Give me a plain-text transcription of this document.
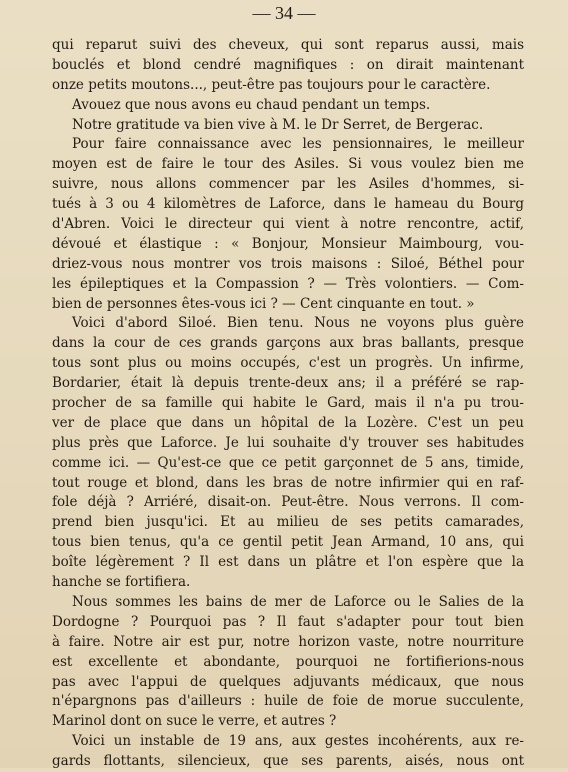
— 34 —
qui reparut suivi des cheveux, qui sont reparus aussi, mais
bouclés et blond cendré magnifiques : on dirait maintenant
onze petits moutons..., peut-être pas toujours pour le caractère.
Avouez que nous avons eu chaud pendant un temps.
Notre gratitude va bien vive à M. le Dr Serret, de Bergerac.
Pour faire connaissance avec les pensionnaires, le meilleur
moyen est de faire le tour des Asiles. Si vous voulez bien me
suivre, nous allons commencer par les Asiles d'hommes, si-
tués à 3 ou 4 kilomètres de Laforce, dans le hameau du Bourg
d'Abren. Voici le directeur qui vient à notre rencontre, actif,
dévoué et élastique : « Bonjour, Monsieur Maimbourg, vou-
driez-vous nous montrer vos trois maisons : Siloé, Béthel pour
les épileptiques et la Compassion ? — Très volontiers. — Com-
bien de personnes êtes-vous ici ? — Cent cinquante en tout. »
Voici d'abord Siloé. Bien tenu. Nous ne voyons plus guère
dans la cour de ces grands garçons aux bras ballants, presque
tous sont plus ou moins occupés, c'est un progrès. Un infirme,
Bordarier, était là depuis trente-deux ans; il a préféré se rap-
procher de sa famille qui habite le Gard, mais il n'a pu trou-
ver de place que dans un hôpital de la Lozère. C'est un peu
plus près que Laforce. Je lui souhaite d'y trouver ses habitudes
comme ici. — Qu'est-ce que ce petit garçonnet de 5 ans, timide,
tout rouge et blond, dans les bras de notre infirmier qui en raf-
fole déjà ? Arriéré, disait-on. Peut-être. Nous verrons. Il com-
prend bien jusqu'ici. Et au milieu de ses petits camarades,
tous bien tenus, qu'a ce gentil petit Jean Armand, 10 ans, qui
boîte légèrement ? Il est dans un plâtre et l'on espère que la
hanche se fortifiera.
Nous sommes les bains de mer de Laforce ou le Salies de la
Dordogne ? Pourquoi pas ? Il faut s'adapter pour tout bien
à faire. Notre air est pur, notre horizon vaste, notre nourriture
est excellente et abondante, pourquoi ne fortifierions-nous
pas avec l'appui de quelques adjuvants médicaux, que nous
n'épargnons pas d'ailleurs : huile de foie de morue succulente,
Marinol dont on suce le verre, et autres ?
Voici un instable de 19 ans, aux gestes incohérents, aux re-
gards flottants, silencieux, que ses parents, aisés, nous ont
